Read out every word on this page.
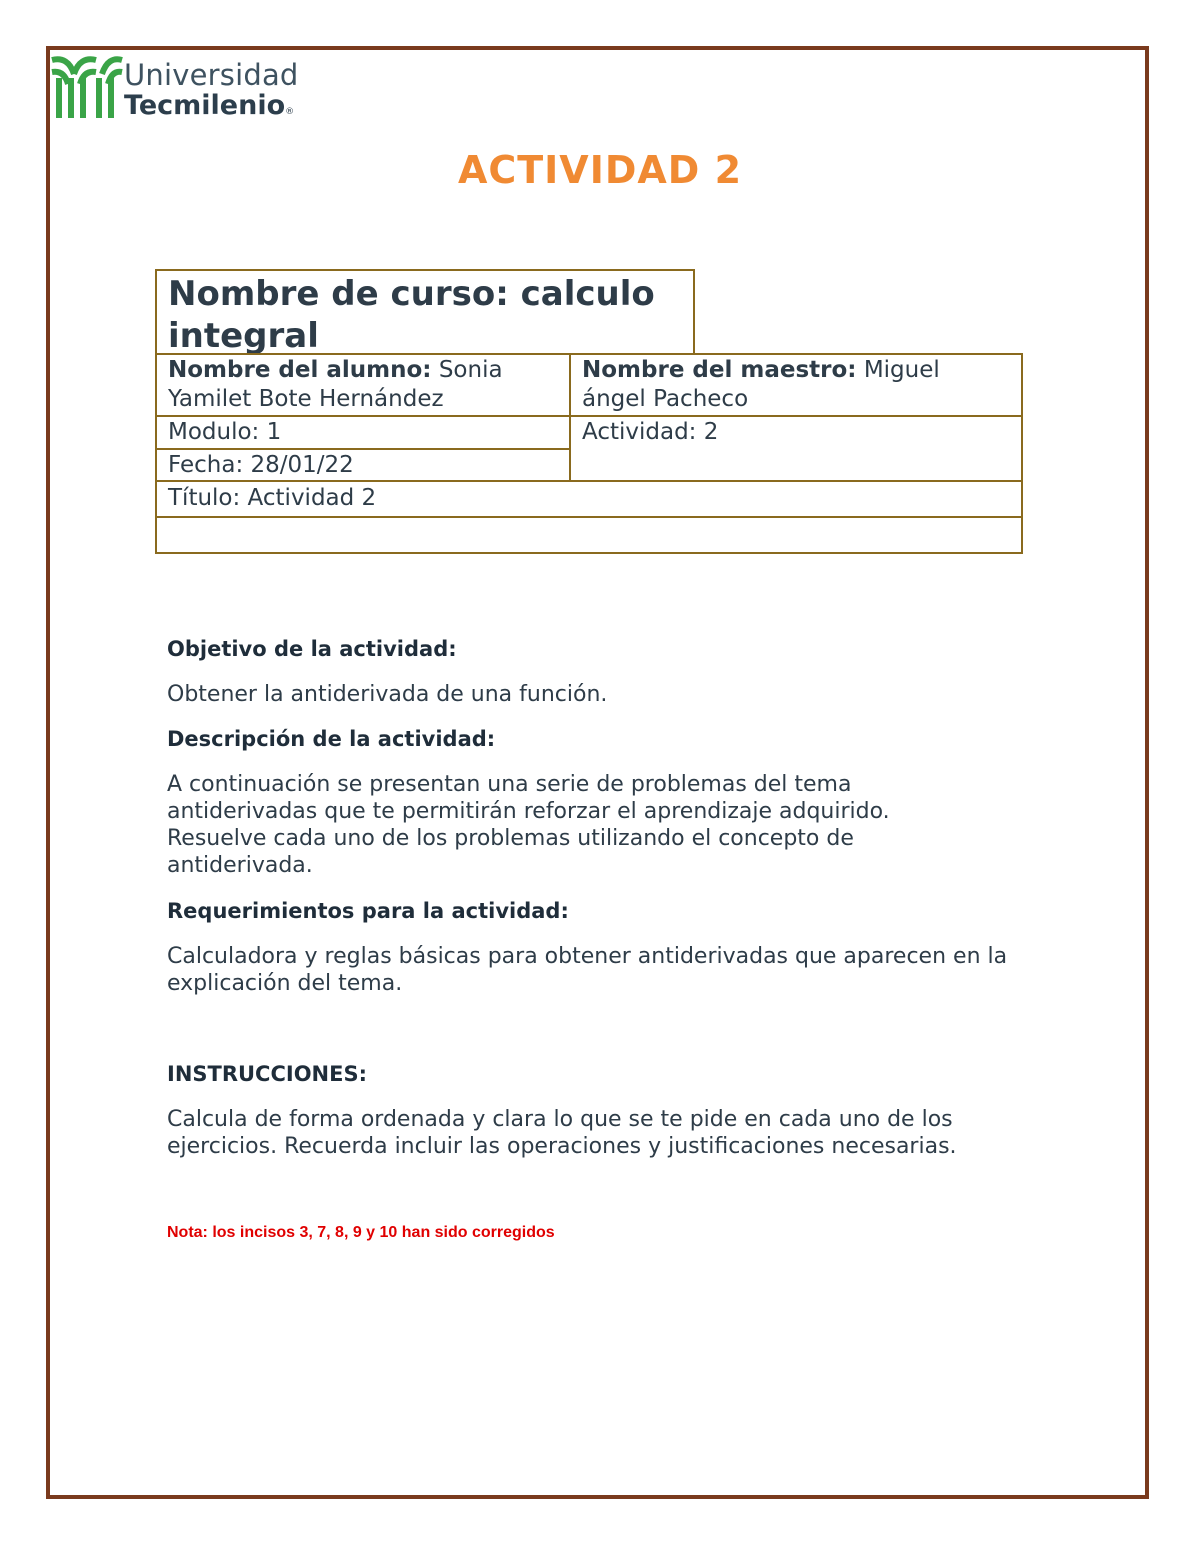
Universidad
Tecmilenio®
ACTIVIDAD 2
Nombre de curso: calculo integral
Nombre del alumno: Sonia Yamilet Bote Hernández
Nombre del maestro: Miguel ángel Pacheco
Modulo: 1	Actividad: 2
Fecha: 28/01/22
Título: Actividad 2
Objetivo de la actividad:
Obtener la antiderivada de una función.
Descripción de la actividad:
A continuación se presentan una serie de problemas del tema antiderivadas que te permitirán reforzar el aprendizaje adquirido. Resuelve cada uno de los problemas utilizando el concepto de antiderivada.
Requerimientos para la actividad:
Calculadora y reglas básicas para obtener antiderivadas que aparecen en la explicación del tema.
INSTRUCCIONES:
Calcula de forma ordenada y clara lo que se te pide en cada uno de los ejercicios. Recuerda incluir las operaciones y justificaciones necesarias.
Nota: los incisos 3, 7, 8, 9 y 10 han sido corregidos
